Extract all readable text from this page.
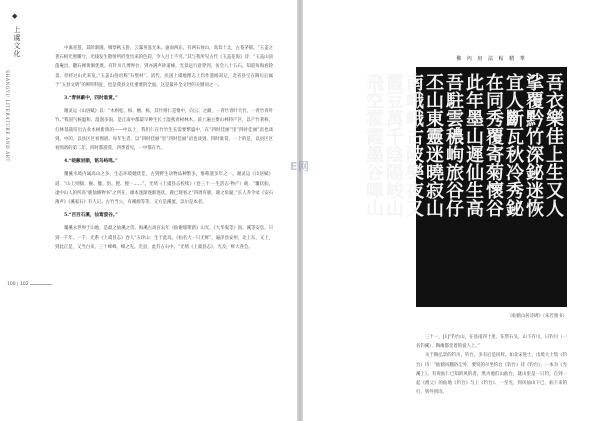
◆
上虞文化
SHANGYU LITERATURE AND ART
100 | 102
中离青莲，其阶渐隆。细察秋玉卧，云霁英泓尤朱。逾南两东，有两石放山，高耸十丈，古苍茅郁。“玉盖之著石相光照耀兮，光线发生散射所折变出来的色彩，令人目上不穷。”其与我所见古代《玉盖花海》诗：“玉盖山顶蓬庵出，翻石裸黄涧优底。有针川几博界台，到亦满声砂道峰。光景远行意穿到，仿会八十五石。知道每海看轮景，但经过山光来览。”玉盖山俗语称“石壁峙”。清代、民国上虞地理志上均作遗闻双记，北省县宝在陶后后属于“五县文明”的鲜明特征，也是我县文化重要的全面，这是最补全文世的关键词之一。
3.“青林蔽中，四时谁赏。”
谢灵运《山居赋》以：“木则松、柏、檀、栎，其竹则仁是惟中，向云、之颇，一青竹青叶大竹，一青竹青叶竹。”我国气候温和，湿润多雨，是江南中都最早种生长土湿燕青树林木。前上遍主要山林特产区，以产竹著称，打林基栽培出古业木树新荫的——中以上，我们仁在竹竹生长需要繁盛中，在“四时佳丽”里“四时佳丽”语也谈到。中的，以县区区看图谱。每年生者，以“四时佳丽”里“四时佳丽”语也谈到。四时谁赏，一个的是，以县区区看图谱的第二年。四时都游赏，四季着见，一中都在竹。
4.“皖蔽岩顺，铭鸟屿鸣。”
覆溪水境内属高山之多，生态环境她优佳，古到野生动物品种繁多，惟称遗多年之一。谢灵运《山居赋》道：“山上则猿、猴、獾、豹、狸、狸一……”。光绪《上虞县志校续》（卷三十一·生活志·物产）载：“覆状仙，凄中山人的所高“鹿仙修物书”之所在，雄本逐渐逐渐逐状，鹿已现看之“四周有鹿，鹿之角疑。”长人乔令录《安石薄声》《溪家石》有人记。古竹当公，有溪源等等，又方是溪流，以尔是本者。
5.“百百石溪，仙鸾萤谷。”
覆溪永世界于山地，是最之仙溪之兽。海溪古高宫去年《仙谢墙斯新》山光，《大华鬼等》国，溪等安息，只到一千年、一千；光系《上虞县志》卷人“五坪山：生于此高。《仙名大一只无鲜”，遍泽县安州，北上东，又上，到此正是，又当白来，三十峰峰，峰之先。光县，此有古石中，“光绪《上虞县志》，光及，鲜大各会。
吾衣樂佳上生又人
挲覆黔竹深鉍迷恢
宜人斷瓦秋冷秀鉍
在同秀覆寄菊懷谷
此年墨山遲仙生高
吾駐雲穠峋旅谷仔
丕山東靈迷曉寂山
南峨峨古陂樂夜又
霞豆萬千陰陽峻山
飛空霍霞墨谷嘷山
佛 內 府 法 帖 精 華
《仙鹤山居诗碑》（朱若愚书）
三十一，[1]“钓台山，在县南四十里。东带石头，山下有川，日钓川（一名钓溪），陶缘都堂着的爱人上。”
关于陶弘景的钓川，钓台、多有后是同样。如北宋进士、出境大上集《钓台》诗：“仙鹤风翻俗尘外，要说的尔坐钓台《钓台》诗《钓台》，一本为《光溪上》。有说仙仁已知的风的者，然为他们山仙台，就山里是一只钓，自到一起《渔父》的仙地《钓台》与上《钓台》、一至光，到风仙山下已，仙下来的行，到外到诗。
E网
